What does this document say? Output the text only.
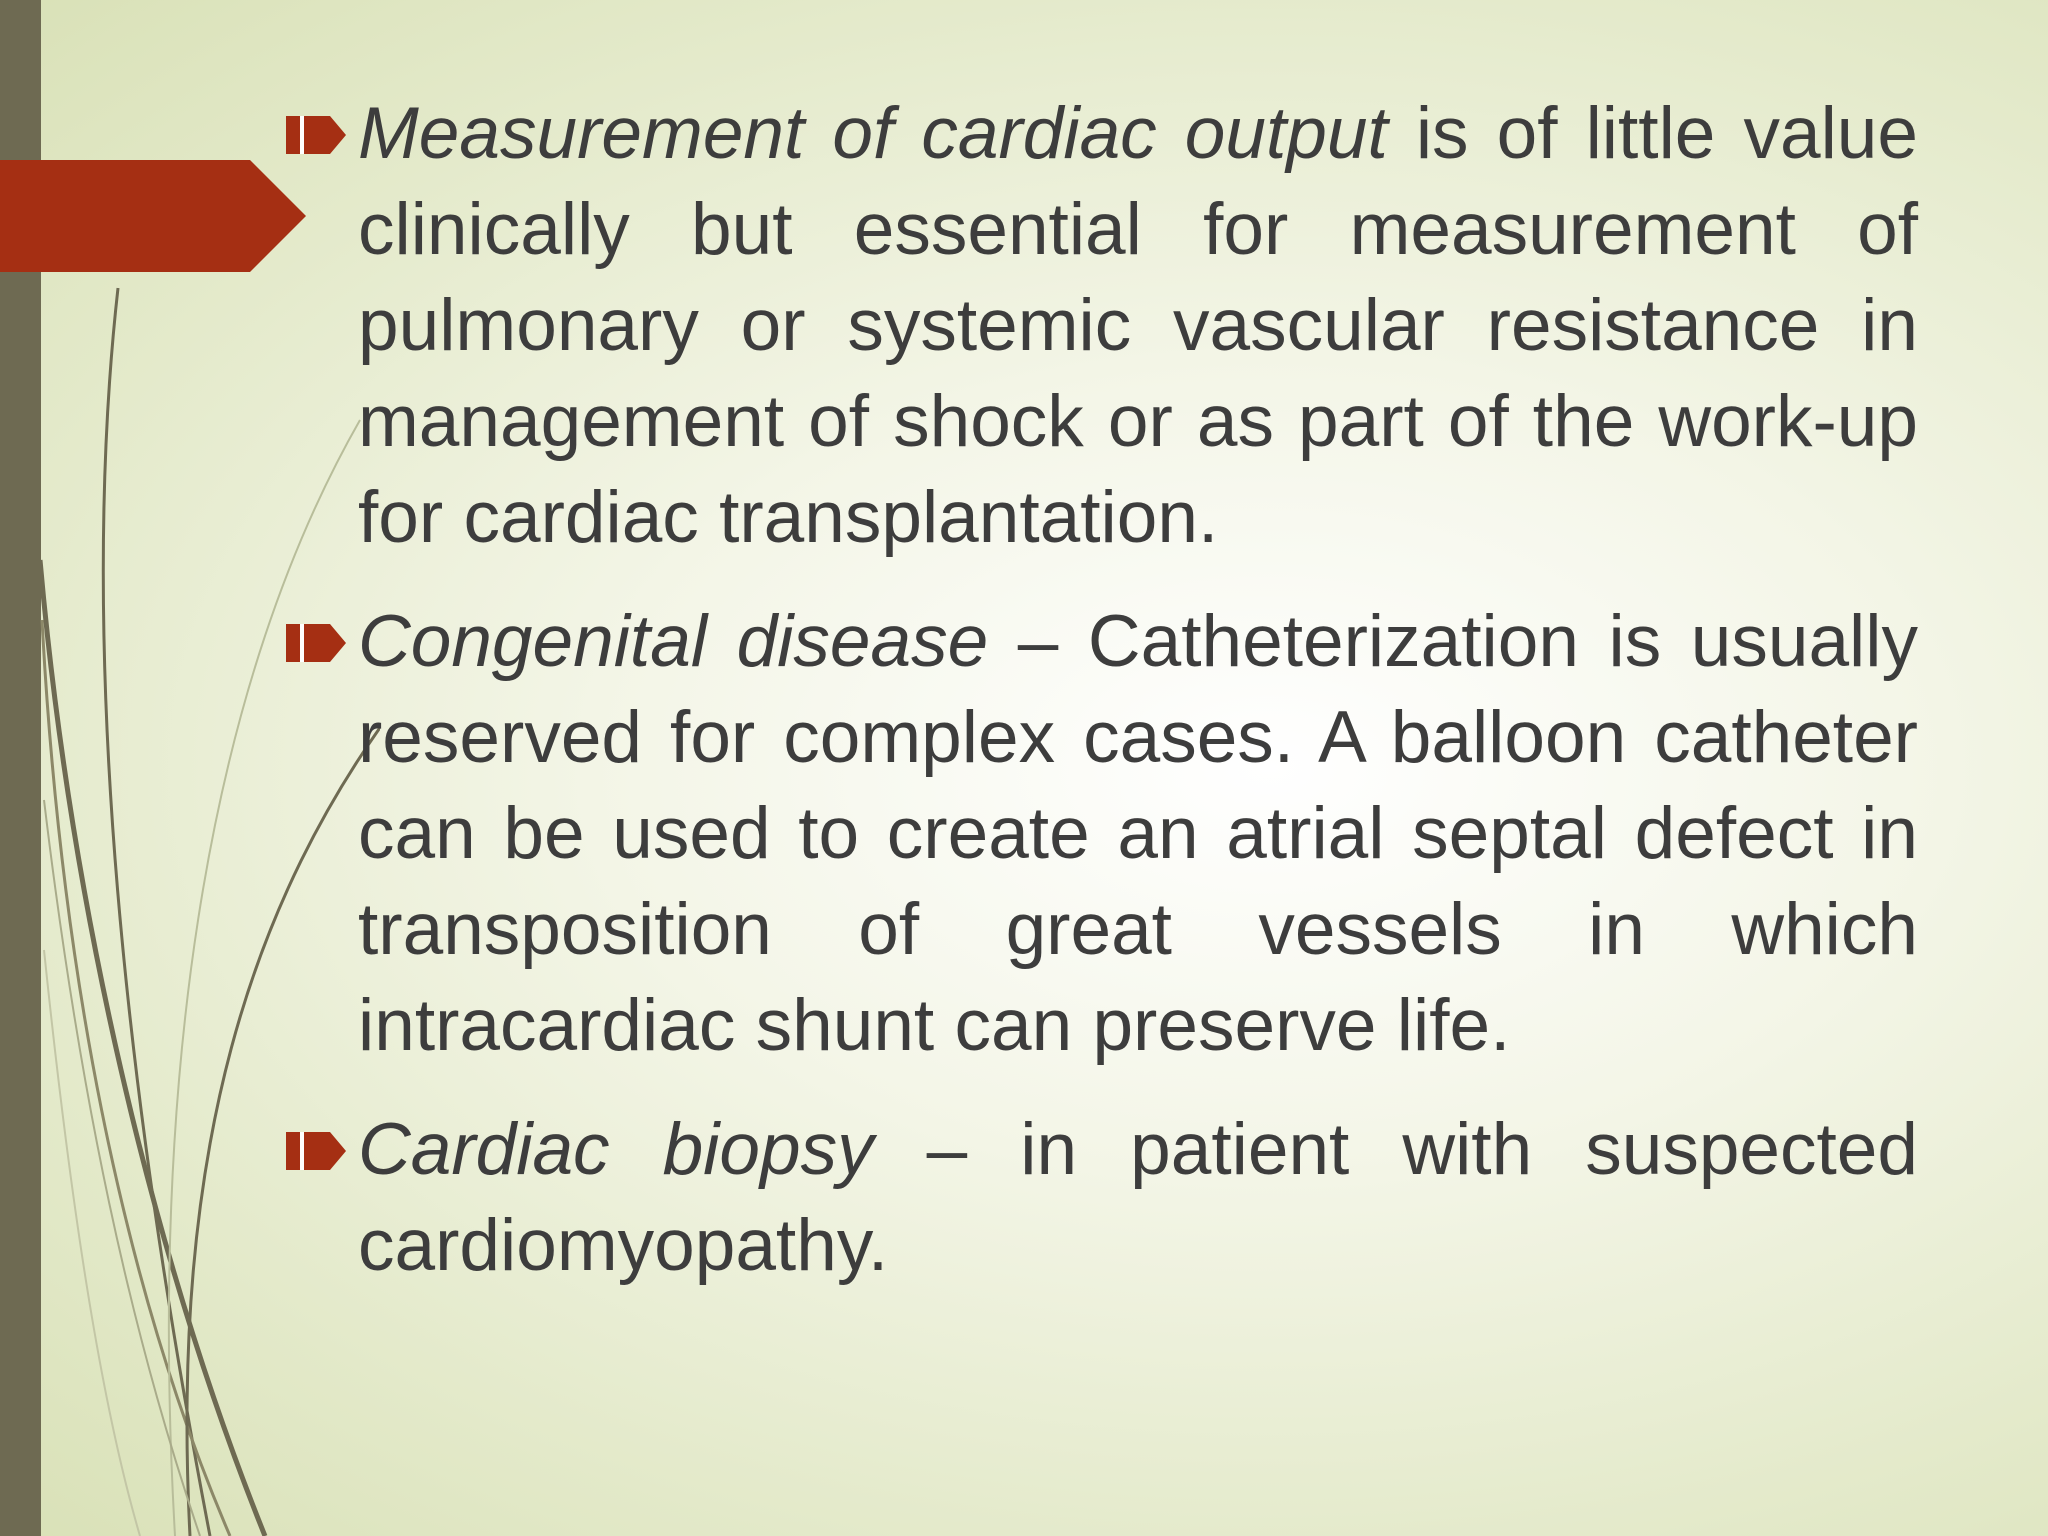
Measurement of cardiac output is of little value clinically but essential for measurement of pulmonary or systemic vascular resistance in management of shock or as part of the work-up for cardiac transplantation.
Congenital disease – Catheterization is usually reserved for complex cases. A balloon catheter can be used to create an atrial septal defect in transposition of great vessels in which intracardiac shunt can preserve life.
Cardiac biopsy – in patient with suspected cardiomyopathy.
